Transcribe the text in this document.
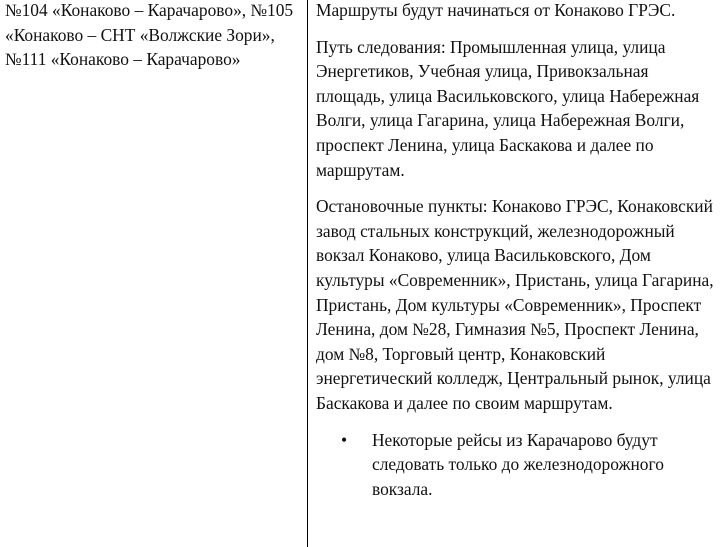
№104 «Конаково – Карачарово», №105 «Конаково – СНТ «Волжские Зори», №111 «Конаково – Карачарово»

Маршруты будут начинаться от Конаково ГРЭС.

Путь следования: Промышленная улица, улица Энергетиков, Учебная улица, Привокзальная площадь, улица Васильковского, улица Набережная Волги, улица Гагарина, улица Набережная Волги, проспект Ленина, улица Баскакова и далее по маршрутам.

Остановочные пункты: Конаково ГРЭС, Конаковский завод стальных конструкций, железнодорожный вокзал Конаково, улица Васильковского, Дом культуры «Современник», Пристань, улица Гагарина, Пристань, Дом культуры «Современник», Проспект Ленина, дом №28, Гимназия №5, Проспект Ленина, дом №8, Торговый центр, Конаковский энергетический колледж, Центральный рынок, улица Баскакова и далее по своим маршрутам.

• Некоторые рейсы из Карачарово будут следовать только до железнодорожного вокзала.
